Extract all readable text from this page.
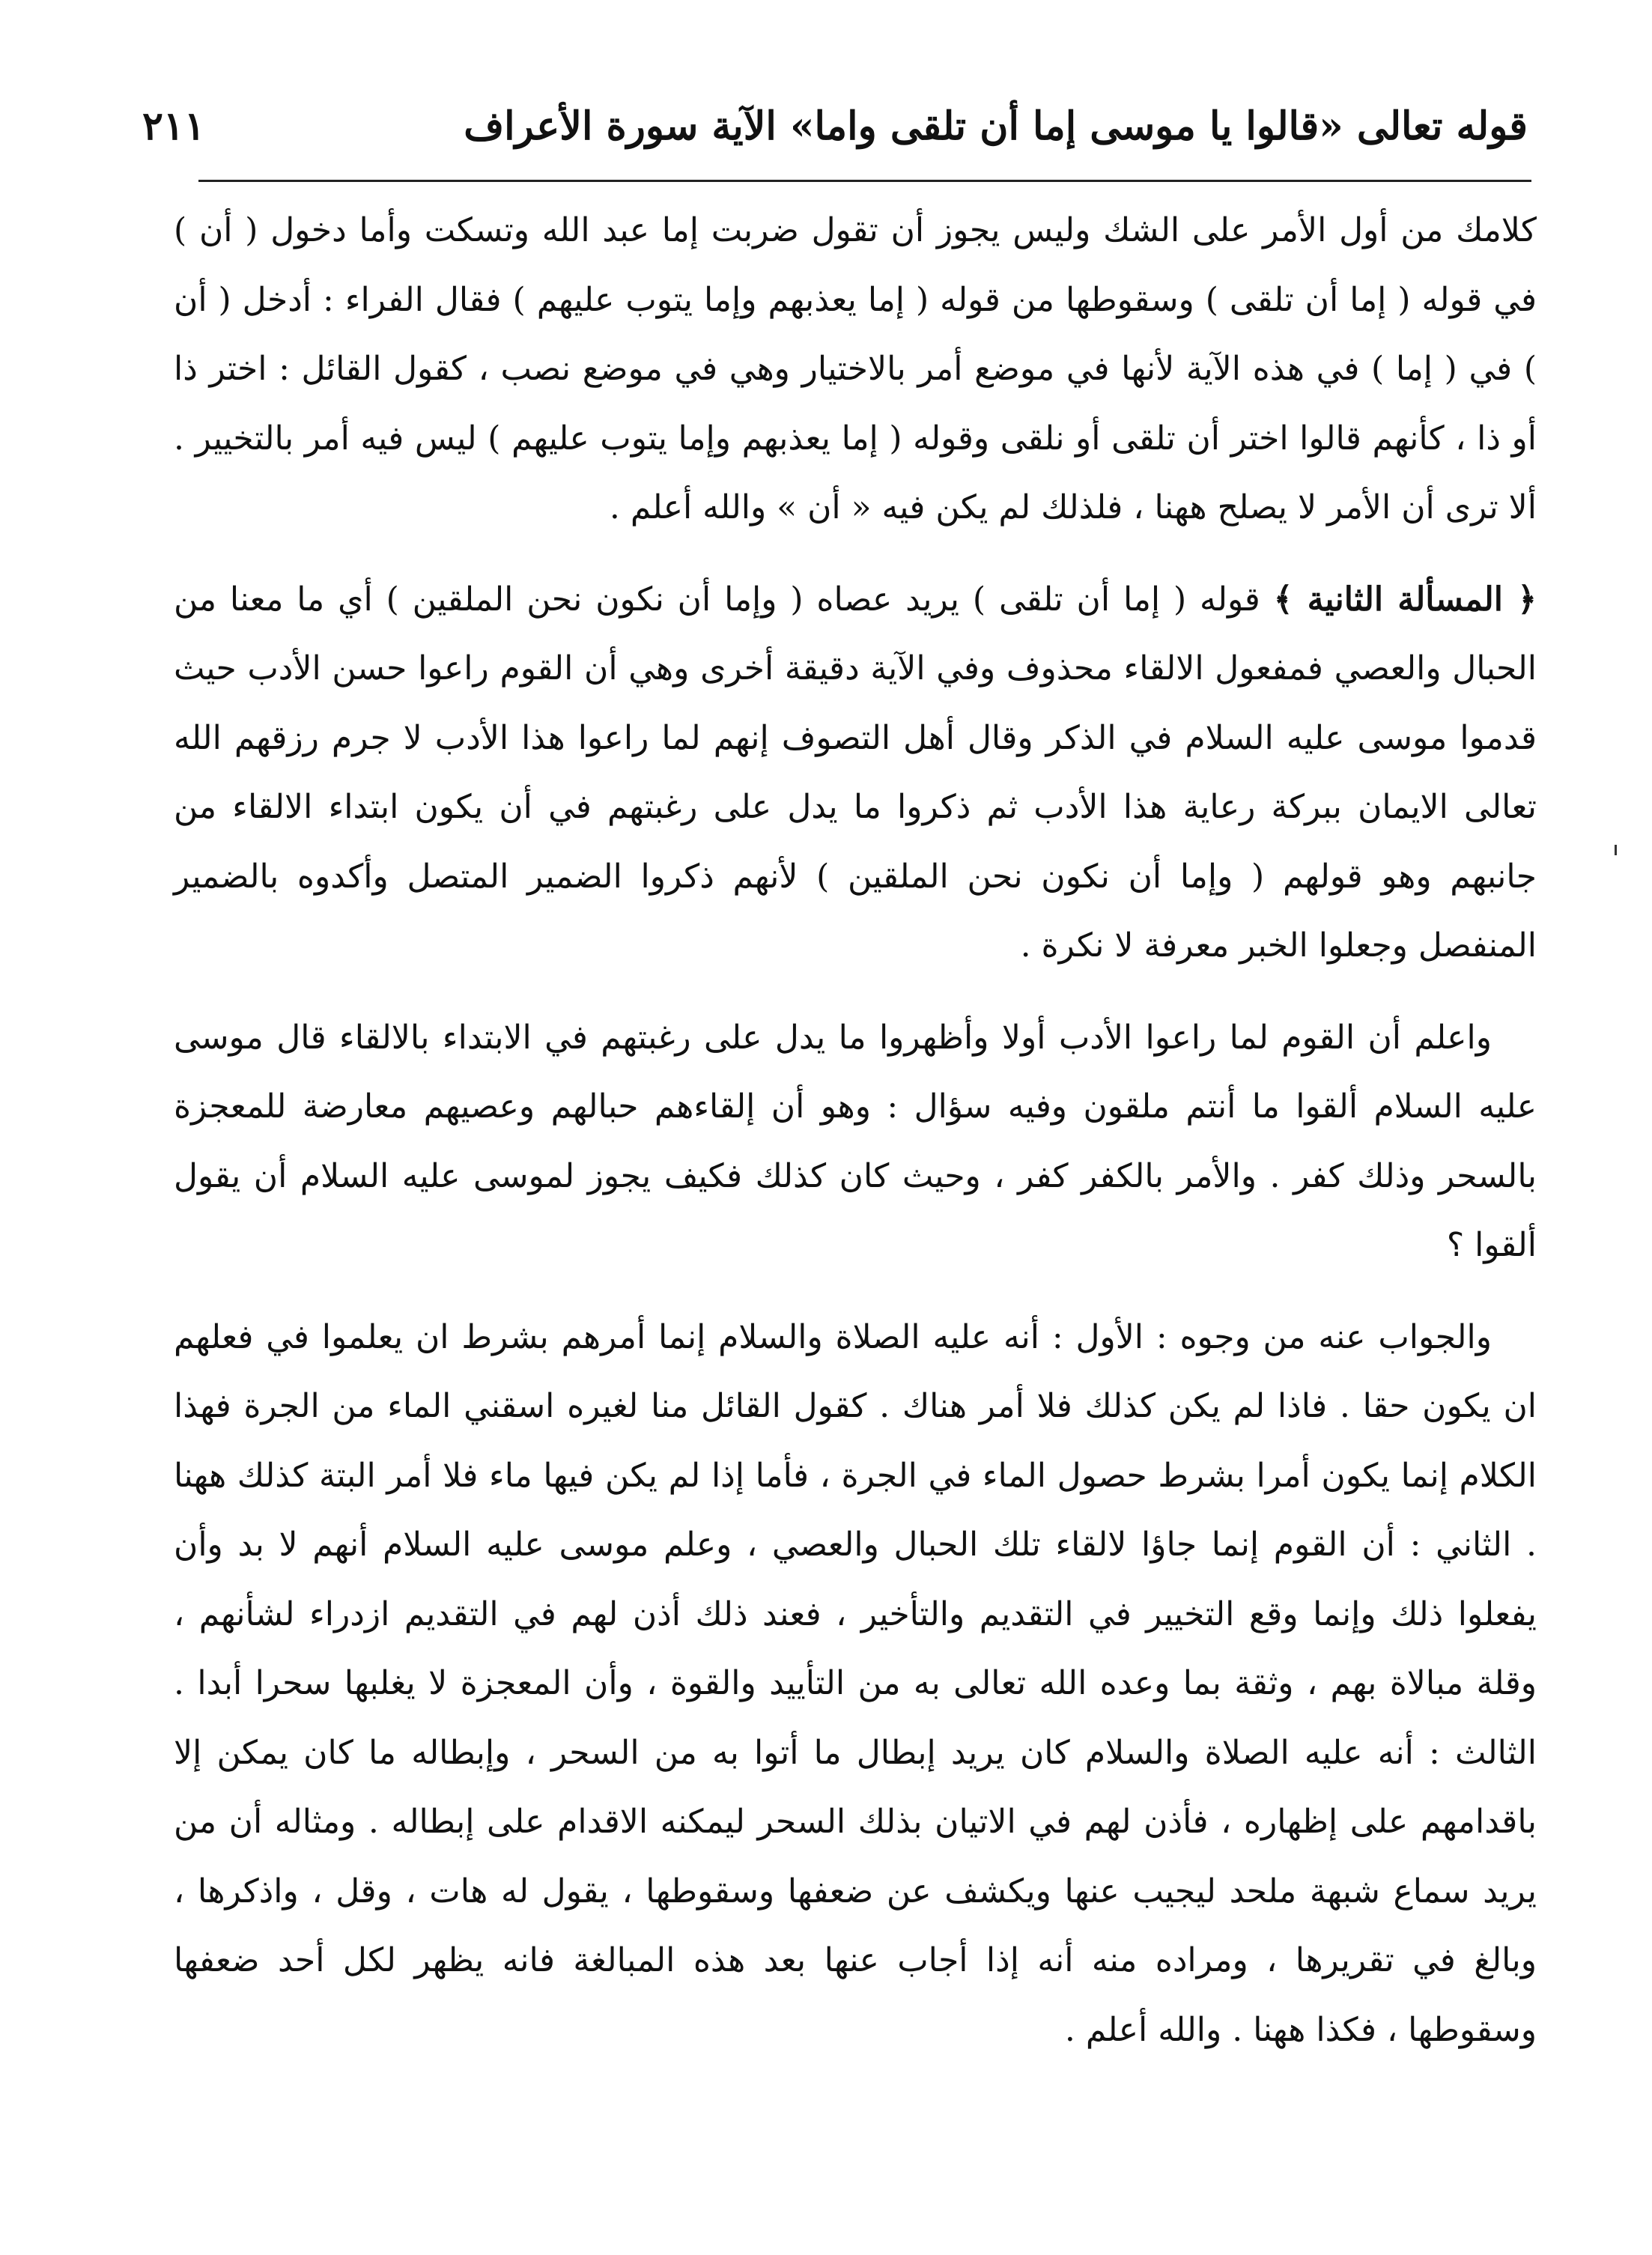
قوله تعالى «قالوا يا موسى إما أن تلقى واما» الآية سورة الأعراف
٢١١

كلامك من أول الأمر على الشك وليس يجوز أن تقول ضربت إما عبد الله وتسكت وأما دخول ( أن ) في قوله ( إما أن تلقى ) وسقوطها من قوله ( إما يعذبهم وإما يتوب عليهم ) فقال الفراء : أدخل ( أن ) في ( إما ) في هذه الآية لأنها في موضع أمر بالاختيار وهي في موضع نصب ، كقول القائل : اختر ذا أو ذا ، كأنهم قالوا اختر أن تلقى أو نلقى وقوله ( إما يعذبهم وإما يتوب عليهم ) ليس فيه أمر بالتخيير . ألا ترى أن الأمر لا يصلح ههنا ، فلذلك لم يكن فيه « أن » والله أعلم .

﴿ المسألة الثانية ﴾ قوله ( إما أن تلقى ) يريد عصاه ( وإما أن نكون نحن الملقين ) أي ما معنا من الحبال والعصي فمفعول الالقاء محذوف وفي الآية دقيقة أخرى وهي أن القوم راعوا حسن الأدب حيث قدموا موسى عليه السلام في الذكر وقال أهل التصوف إنهم لما راعوا هذا الأدب لا جرم رزقهم الله تعالى الايمان ببركة رعاية هذا الأدب ثم ذكروا ما يدل على رغبتهم في أن يكون ابتداء الالقاء من جانبهم وهو قولهم ( وإما أن نكون نحن الملقين ) لأنهم ذكروا الضمير المتصل وأكدوه بالضمير المنفصل وجعلوا الخبر معرفة لا نكرة .

واعلم أن القوم لما راعوا الأدب أولا وأظهروا ما يدل على رغبتهم في الابتداء بالالقاء قال موسى عليه السلام ألقوا ما أنتم ملقون وفيه سؤال : وهو أن إلقاءهم حبالهم وعصيهم معارضة للمعجزة بالسحر وذلك كفر . والأمر بالكفر كفر ، وحيث كان كذلك فكيف يجوز لموسى عليه السلام أن يقول ألقوا ؟

والجواب عنه من وجوه : الأول : أنه عليه الصلاة والسلام إنما أمرهم بشرط ان يعلموا في فعلهم ان يكون حقا . فاذا لم يكن كذلك فلا أمر هناك . كقول القائل منا لغيره اسقني الماء من الجرة فهذا الكلام إنما يكون أمرا بشرط حصول الماء في الجرة ، فأما إذا لم يكن فيها ماء فلا أمر البتة كذلك ههنا . الثاني : أن القوم إنما جاؤا لالقاء تلك الحبال والعصي ، وعلم موسى عليه السلام أنهم لا بد وأن يفعلوا ذلك وإنما وقع التخيير في التقديم والتأخير ، فعند ذلك أذن لهم في التقديم ازدراء لشأنهم ، وقلة مبالاة بهم ، وثقة بما وعده الله تعالى به من التأييد والقوة ، وأن المعجزة لا يغلبها سحرا أبدا . الثالث : أنه عليه الصلاة والسلام كان يريد إبطال ما أتوا به من السحر ، وإبطاله ما كان يمكن إلا باقدامهم على إظهاره ، فأذن لهم في الاتيان بذلك السحر ليمكنه الاقدام على إبطاله . ومثاله أن من يريد سماع شبهة ملحد ليجيب عنها ويكشف عن ضعفها وسقوطها ، يقول له هات ، وقل ، واذكرها ، وبالغ في تقريرها ، ومراده منه أنه إذا أجاب عنها بعد هذه المبالغة فانه يظهر لكل أحد ضعفها وسقوطها ، فكذا ههنا . والله أعلم .
